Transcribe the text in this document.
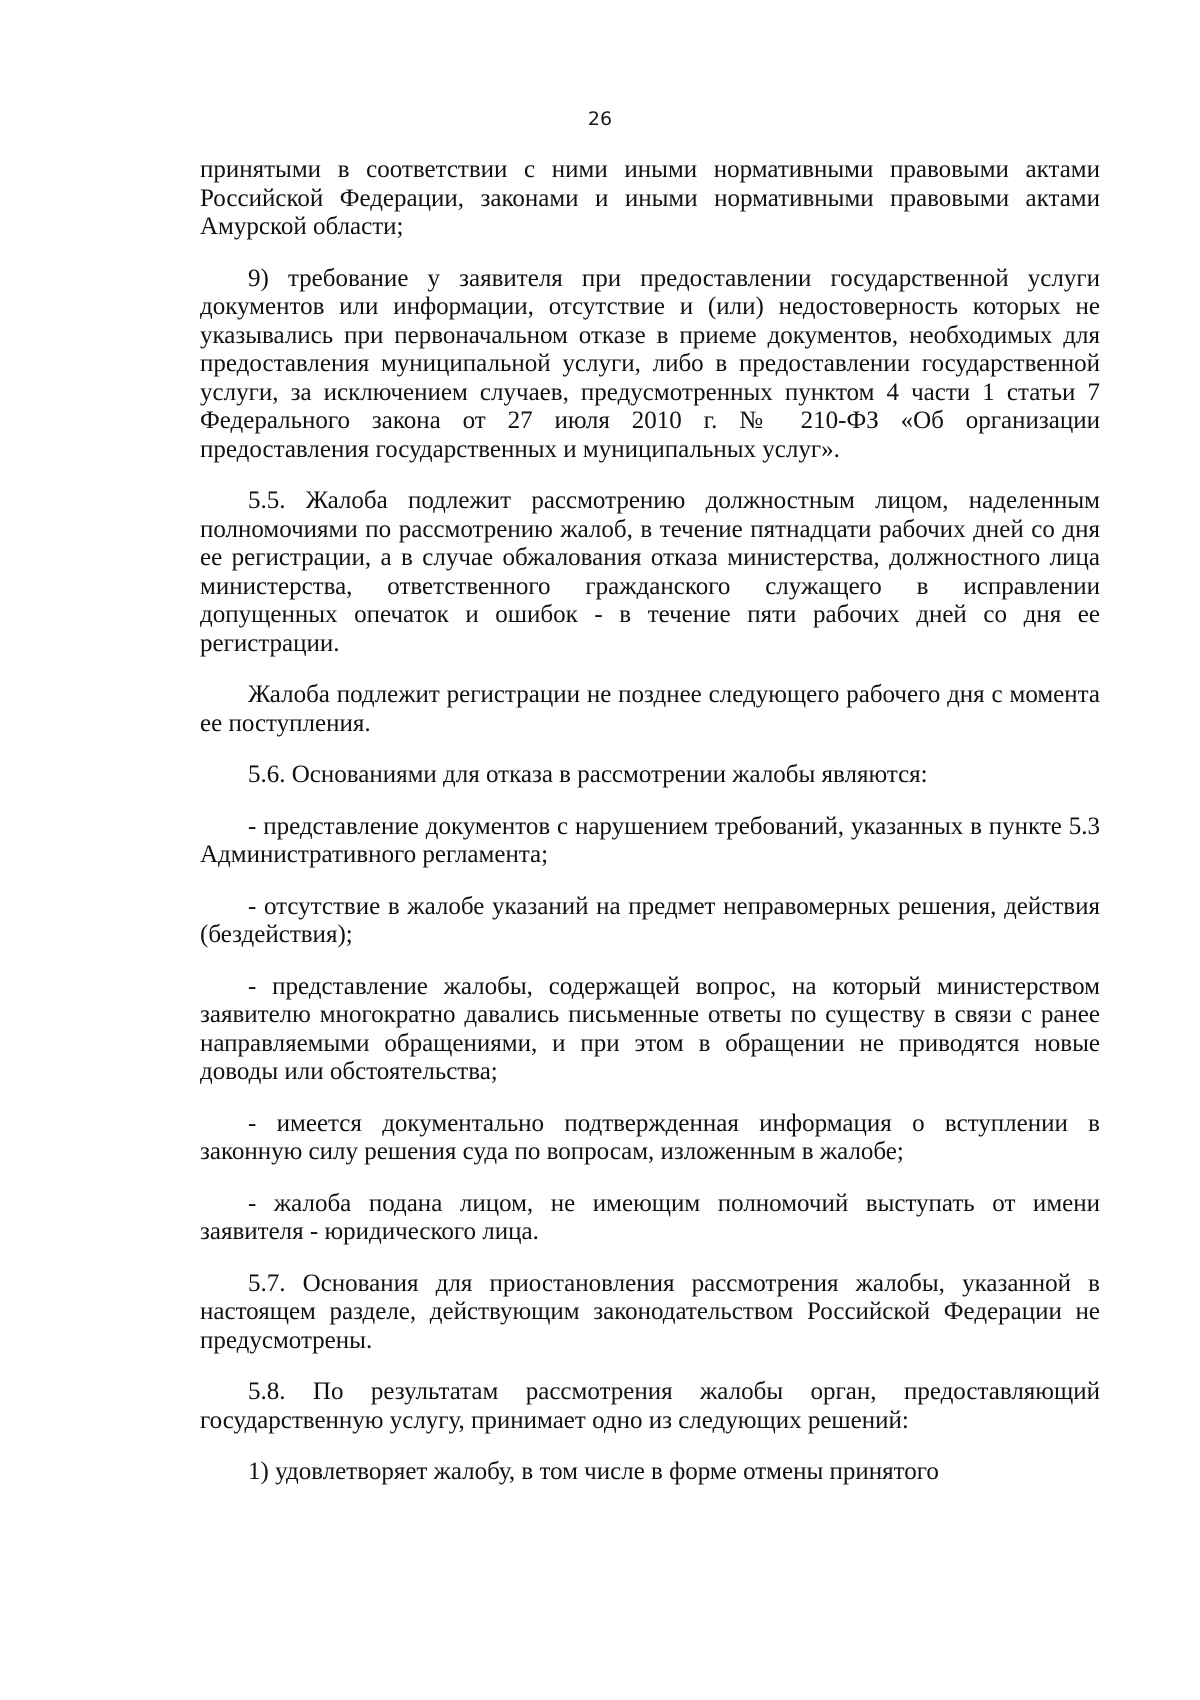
26

принятыми в соответствии с ними иными нормативными правовыми актами Российской Федерации, законами и иными нормативными правовыми актами Амурской области;

9) требование у заявителя при предоставлении государственной услуги документов или информации, отсутствие и (или) недостоверность которых не указывались при первоначальном отказе в приеме документов, необходимых для предоставления муниципальной услуги, либо в предоставлении государственной услуги, за исключением случаев, предусмотренных пунктом 4 части 1 статьи 7 Федерального закона от 27 июля 2010 г. № 210-ФЗ «Об организации предоставления государственных и муниципальных услуг».

5.5. Жалоба подлежит рассмотрению должностным лицом, наделенным полномочиями по рассмотрению жалоб, в течение пятнадцати рабочих дней со дня ее регистрации, а в случае обжалования отказа министерства, должностного лица министерства, ответственного гражданского служащего в исправлении допущенных опечаток и ошибок - в течение пяти рабочих дней со дня ее регистрации.

Жалоба подлежит регистрации не позднее следующего рабочего дня с момента ее поступления.

5.6. Основаниями для отказа в рассмотрении жалобы являются:

- представление документов с нарушением требований, указанных в пункте 5.3 Административного регламента;

- отсутствие в жалобе указаний на предмет неправомерных решения, действия (бездействия);

- представление жалобы, содержащей вопрос, на который министерством заявителю многократно давались письменные ответы по существу в связи с ранее направляемыми обращениями, и при этом в обращении не приводятся новые доводы или обстоятельства;

- имеется документально подтвержденная информация о вступлении в законную силу решения суда по вопросам, изложенным в жалобе;

- жалоба подана лицом, не имеющим полномочий выступать от имени заявителя - юридического лица.

5.7. Основания для приостановления рассмотрения жалобы, указанной в настоящем разделе, действующим законодательством Российской Федерации не предусмотрены.

5.8. По результатам рассмотрения жалобы орган, предоставляющий государственную услугу, принимает одно из следующих решений:

1) удовлетворяет жалобу, в том числе в форме отмены принятого
